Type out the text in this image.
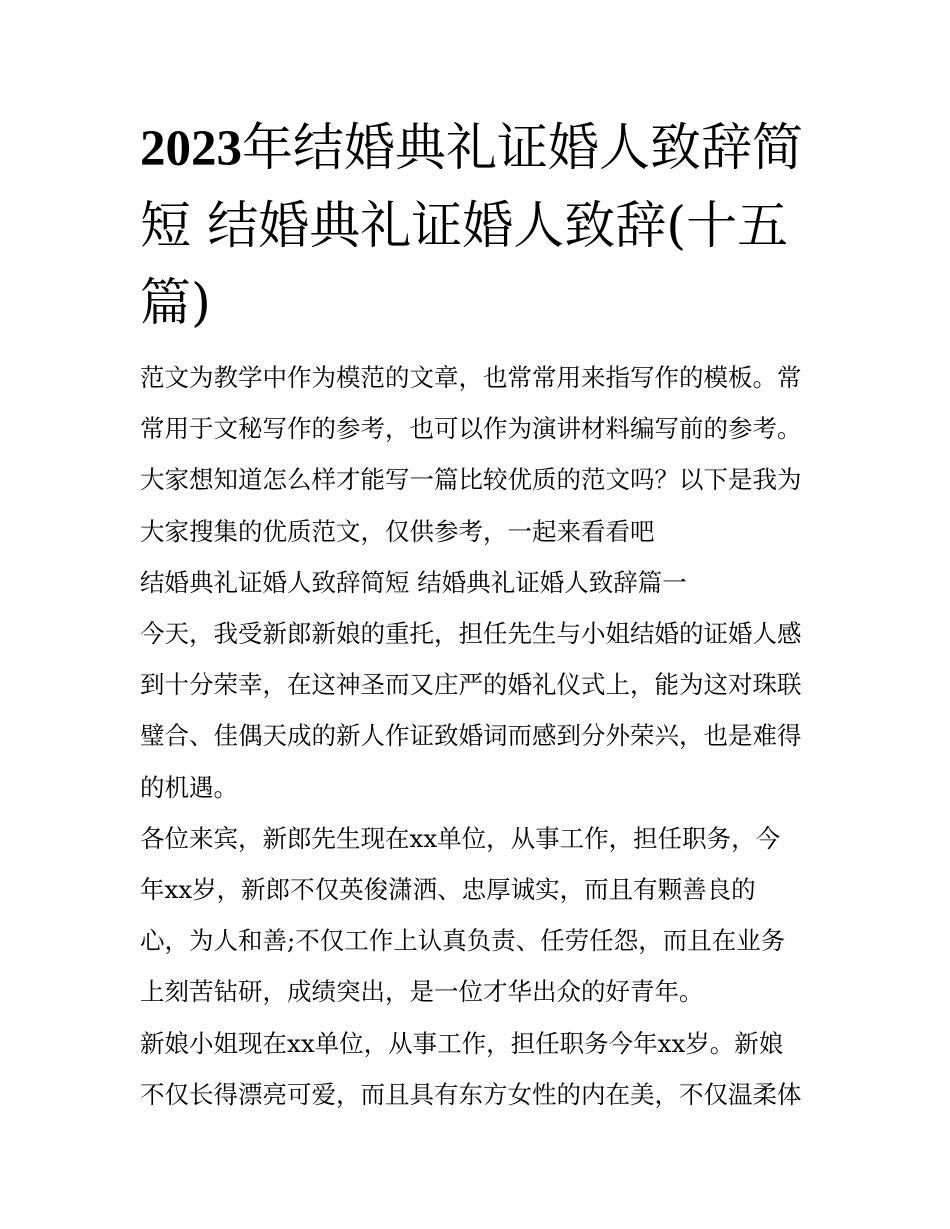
2023年结婚典礼证婚人致辞简
短 结婚典礼证婚人致辞(十五
篇)
范文为教学中作为模范的文章，也常常用来指写作的模板。常
常用于文秘写作的参考，也可以作为演讲材料编写前的参考。
大家想知道怎么样才能写一篇比较优质的范文吗？以下是我为
大家搜集的优质范文，仅供参考，一起来看看吧
结婚典礼证婚人致辞简短 结婚典礼证婚人致辞篇一
今天，我受新郎新娘的重托，担任先生与小姐结婚的证婚人感
到十分荣幸，在这神圣而又庄严的婚礼仪式上，能为这对珠联
璧合、佳偶天成的新人作证致婚词而感到分外荣兴，也是难得
的机遇。
各位来宾，新郎先生现在xx单位，从事工作，担任职务，今
年xx岁，新郎不仅英俊潇洒、忠厚诚实，而且有颗善良的
心，为人和善;不仅工作上认真负责、任劳任怨，而且在业务
上刻苦钻研，成绩突出，是一位才华出众的好青年。
新娘小姐现在xx单位，从事工作，担任职务今年xx岁。新娘
不仅长得漂亮可爱，而且具有东方女性的内在美，不仅温柔体
